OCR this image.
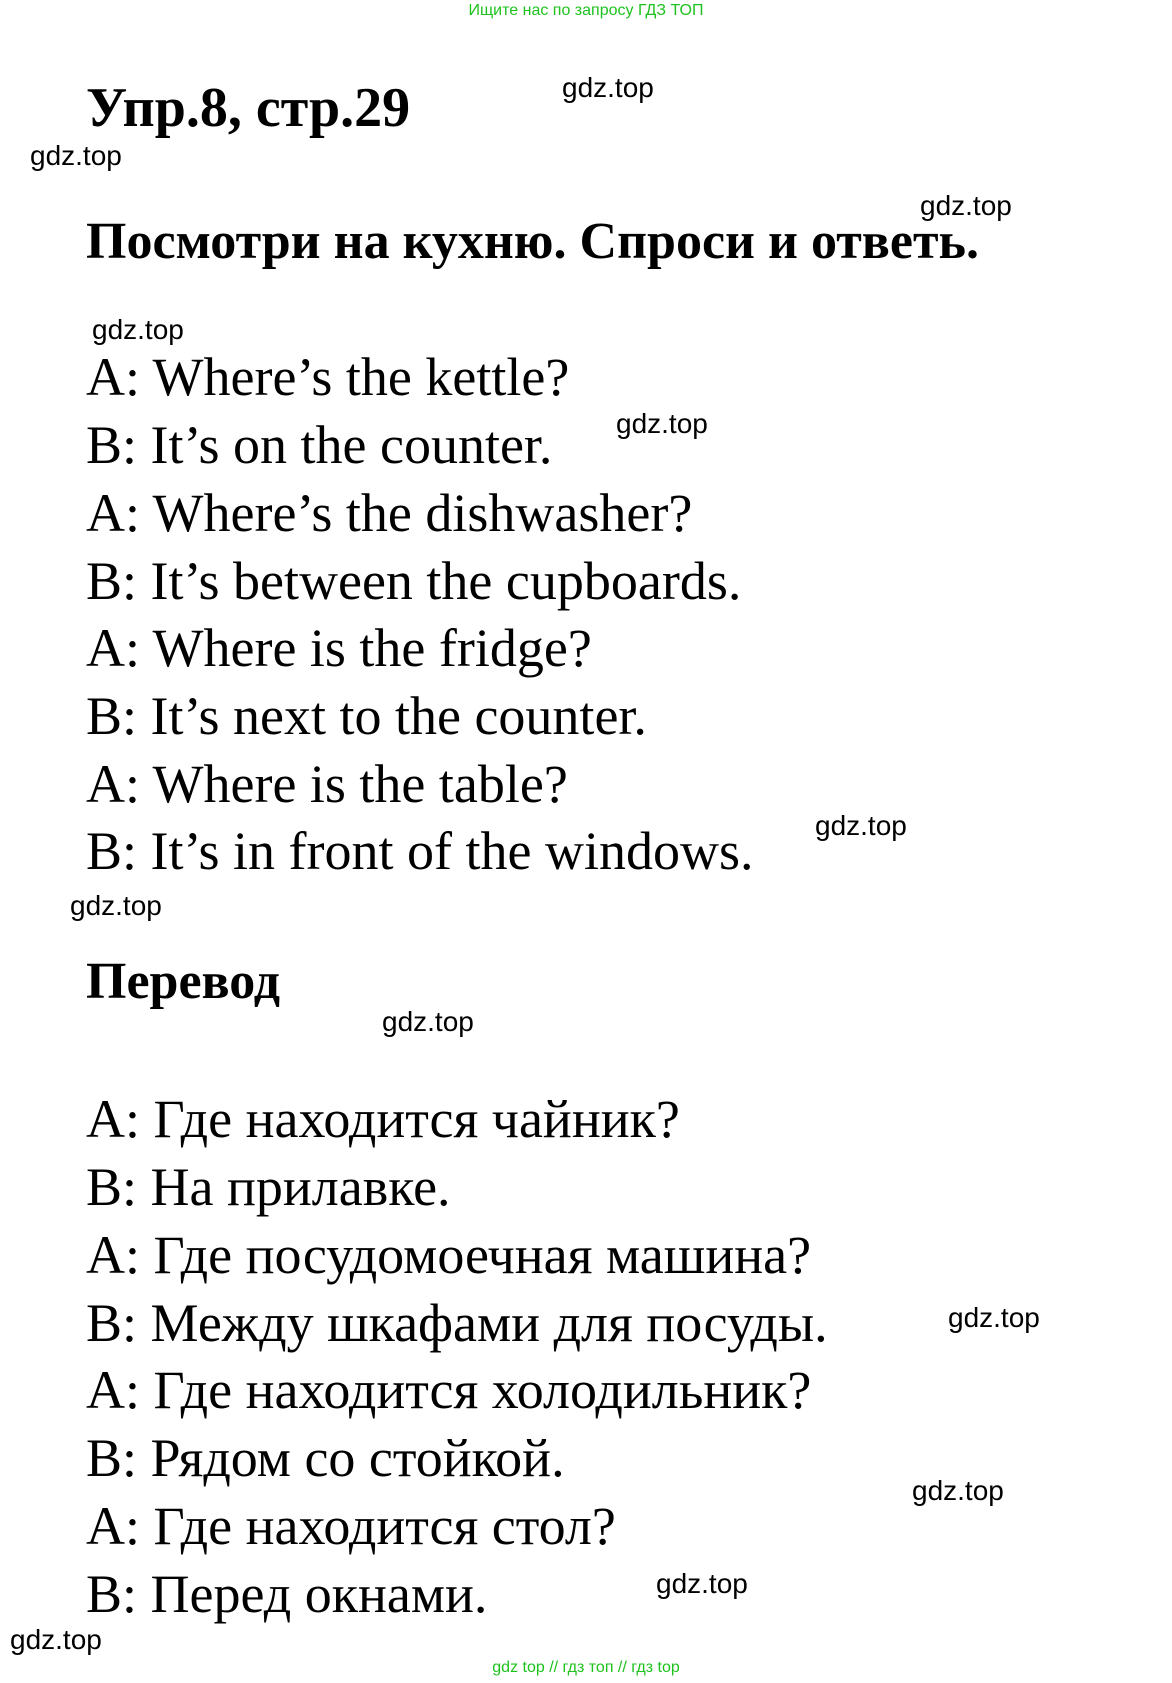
Ищите нас по запросу ГДЗ ТОП
Упр.8, стр.29
Посмотри на кухню. Спроси и ответь.
A: Where’s the kettle?
B: It’s on the counter.
A: Where’s the dishwasher?
B: It’s between the cupboards.
A: Where is the fridge?
B: It’s next to the counter.
A: Where is the table?
B: It’s in front of the windows.
Перевод
A: Где находится чайник?
B: На прилавке.
A: Где посудомоечная машина?
B: Между шкафами для посуды.
A: Где находится холодильник?
B: Рядом со стойкой.
A: Где находится стол?
B: Перед окнами.
gdz.top
gdz.top
gdz.top
gdz.top
gdz.top
gdz.top
gdz.top
gdz.top
gdz.top
gdz.top
gdz.top
gdz.top
gdz top // гдз топ // гдз top
